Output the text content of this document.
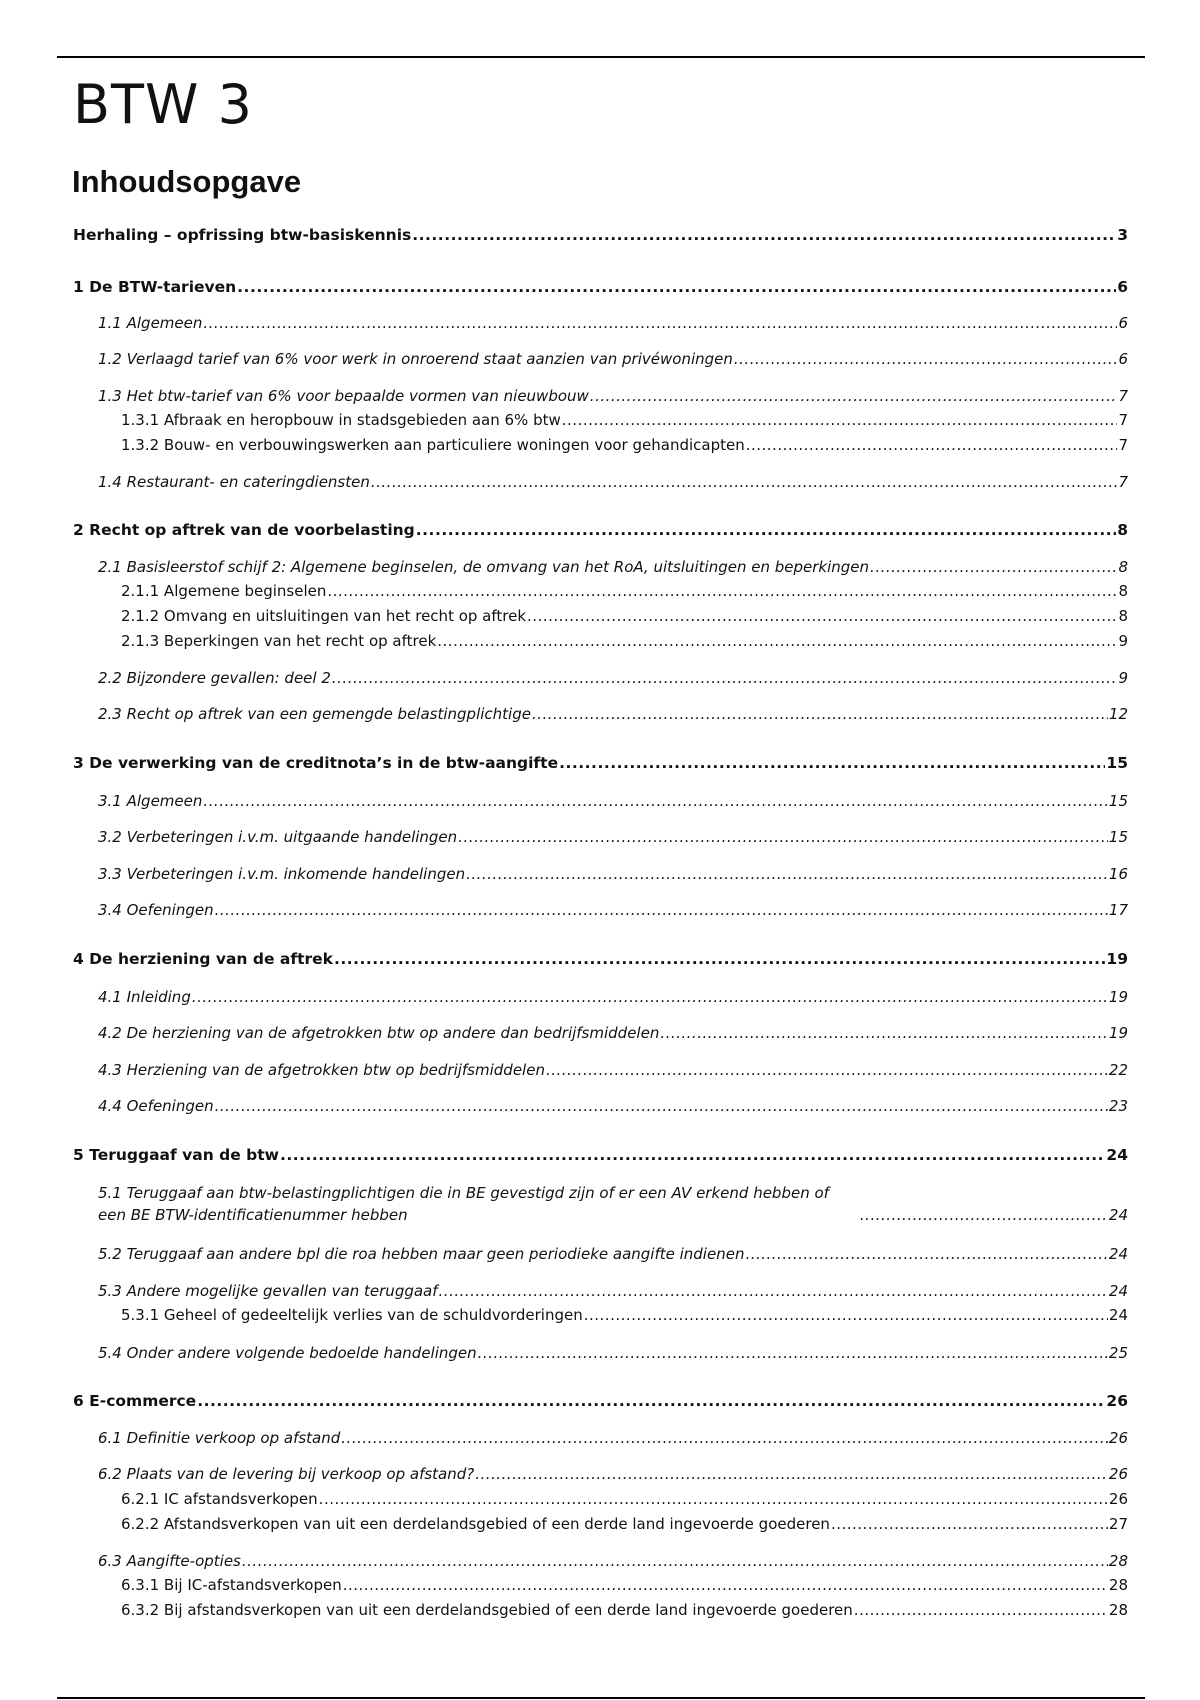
BTW 3
Inhoudsopgave
Herhaling – opfrissing btw-basiskennis .....	3
1 De BTW-tarieven .....	6
1.1 Algemeen .....	6
1.2 Verlaagd tarief van 6% voor werk in onroerend staat aanzien van privéwoningen .....	6
1.3 Het btw-tarief van 6% voor bepaalde vormen van nieuwbouw .....	7
1.3.1 Afbraak en heropbouw in stadsgebieden aan 6% btw .....	7
1.3.2 Bouw- en verbouwingswerken aan particuliere woningen voor gehandicapten .....	7
1.4 Restaurant- en cateringdiensten .....	7
2 Recht op aftrek van de voorbelasting .....	8
2.1 Basisleerstof schijf 2: Algemene beginselen, de omvang van het RoA, uitsluitingen en beperkingen .....	8
2.1.1 Algemene beginselen .....	8
2.1.2 Omvang en uitsluitingen van het recht op aftrek .....	8
2.1.3 Beperkingen van het recht op aftrek .....	9
2.2 Bijzondere gevallen: deel 2 .....	9
2.3 Recht op aftrek van een gemengde belastingplichtige .....	12
3 De verwerking van de creditnota’s in de btw-aangifte .....	15
3.1 Algemeen .....	15
3.2 Verbeteringen i.v.m. uitgaande handelingen .....	15
3.3 Verbeteringen i.v.m. inkomende handelingen .....	16
3.4 Oefeningen .....	17
4 De herziening van de aftrek .....	19
4.1 Inleiding .....	19
4.2 De herziening van de afgetrokken btw op andere dan bedrijfsmiddelen .....	19
4.3 Herziening van de afgetrokken btw op bedrijfsmiddelen .....	22
4.4 Oefeningen .....	23
5 Teruggaaf van de btw .....	24
5.1 Teruggaaf aan btw-belastingplichtigen die in BE gevestigd zijn of er een AV erkend hebben of een BE BTW-identificatienummer hebben .....	24
5.2 Teruggaaf aan andere bpl die roa hebben maar geen periodieke aangifte indienen .....	24
5.3 Andere mogelijke gevallen van teruggaaf .....	24
5.3.1 Geheel of gedeeltelijk verlies van de schuldvorderingen .....	24
5.4 Onder andere volgende bedoelde handelingen .....	25
6 E-commerce .....	26
6.1 Definitie verkoop op afstand .....	26
6.2 Plaats van de levering bij verkoop op afstand? .....	26
6.2.1 IC afstandsverkopen .....	26
6.2.2 Afstandsverkopen van uit een derdelandsgebied of een derde land ingevoerde goederen .....	27
6.3 Aangifte-opties .....	28
6.3.1 Bij IC-afstandsverkopen .....	28
6.3.2 Bij afstandsverkopen van uit een derdelandsgebied of een derde land ingevoerde goederen .....	28
